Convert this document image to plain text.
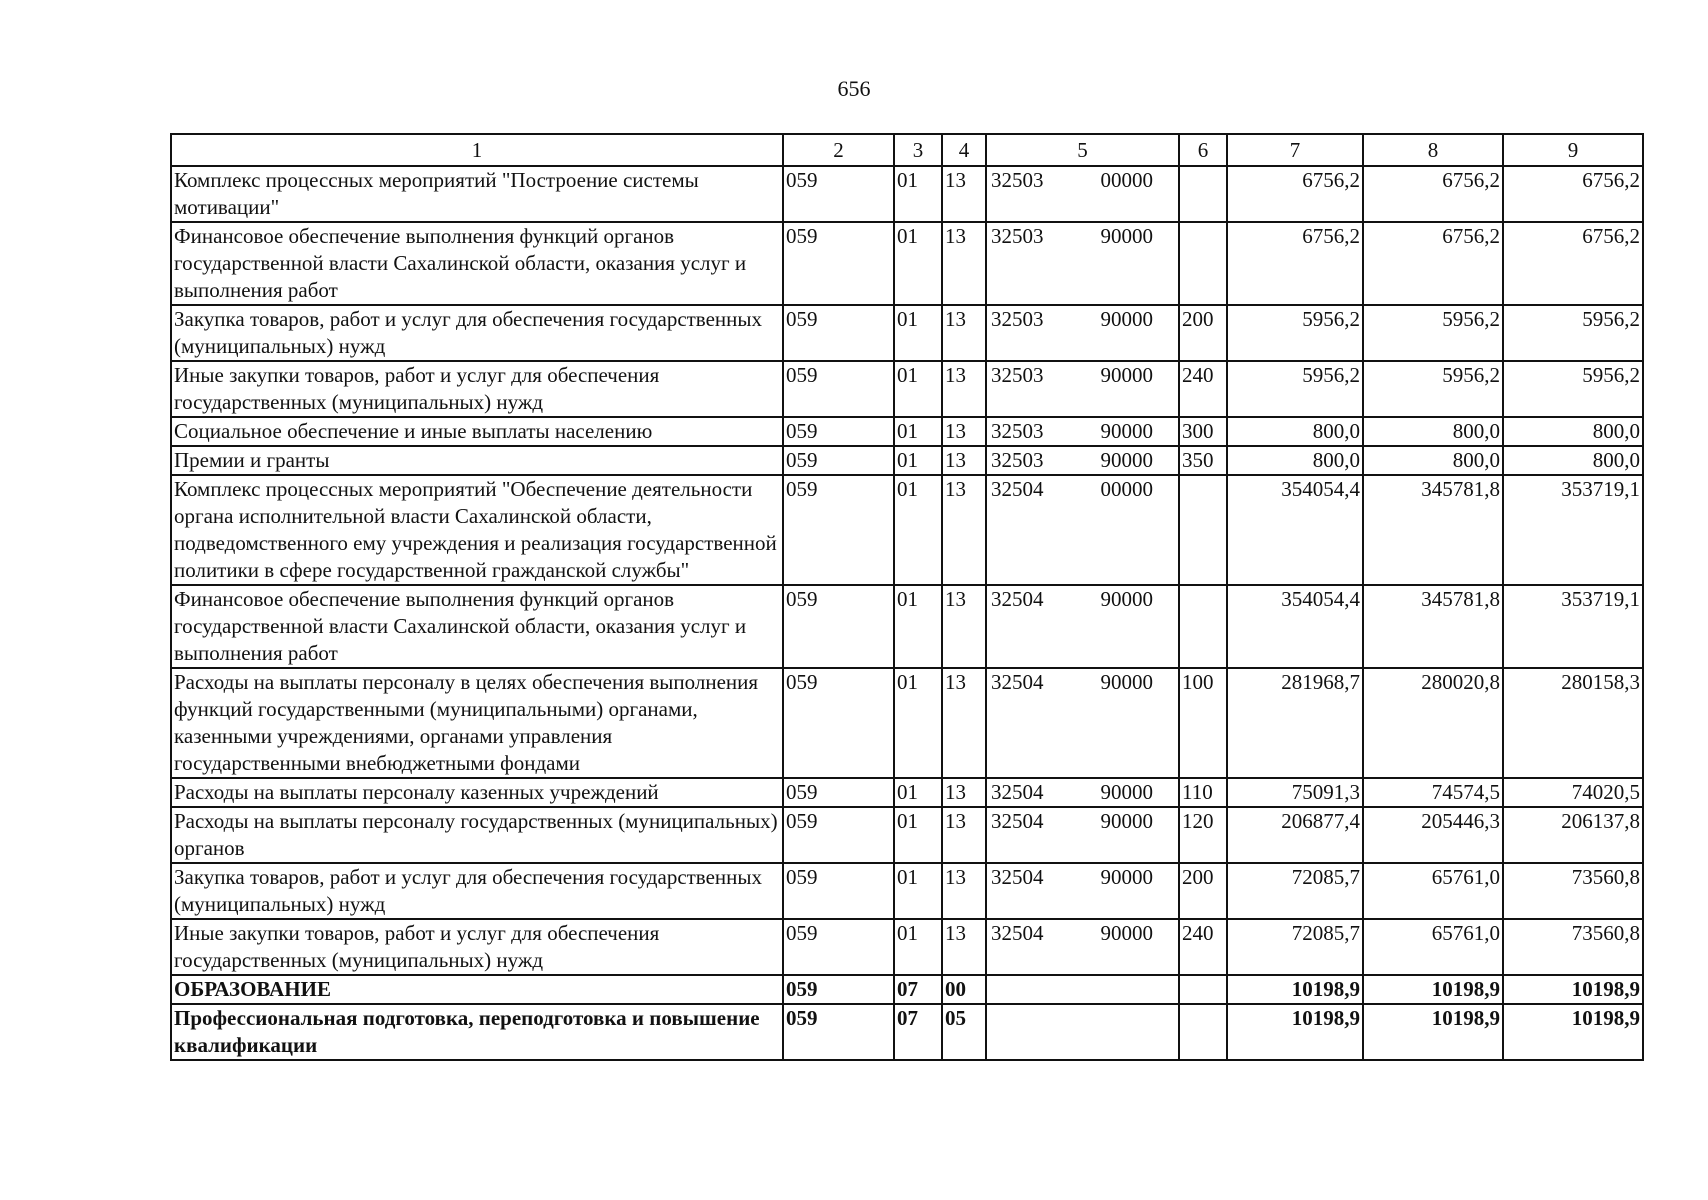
656
1	2	3	4	5	6	7	8	9
Комплекс процессных мероприятий "Построение системы мотивации"	059	01	13	32503 00000		6756,2	6756,2	6756,2
Финансовое обеспечение выполнения функций органов государственной власти Сахалинской области, оказания услуг и выполнения работ	059	01	13	32503 90000		6756,2	6756,2	6756,2
Закупка товаров, работ и услуг для обеспечения государственных (муниципальных) нужд	059	01	13	32503 90000	200	5956,2	5956,2	5956,2
Иные закупки товаров, работ и услуг для обеспечения государственных (муниципальных) нужд	059	01	13	32503 90000	240	5956,2	5956,2	5956,2
Социальное обеспечение и иные выплаты населению	059	01	13	32503 90000	300	800,0	800,0	800,0
Премии и гранты	059	01	13	32503 90000	350	800,0	800,0	800,0
Комплекс процессных мероприятий "Обеспечение деятельности органа исполнительной власти Сахалинской области, подведомственного ему учреждения и реализация государственной политики в сфере государственной гражданской службы"	059	01	13	32504 00000		354054,4	345781,8	353719,1
Финансовое обеспечение выполнения функций органов государственной власти Сахалинской области, оказания услуг и выполнения работ	059	01	13	32504 90000		354054,4	345781,8	353719,1
Расходы на выплаты персоналу в целях обеспечения выполнения функций государственными (муниципальными) органами, казенными учреждениями, органами управления государственными внебюджетными фондами	059	01	13	32504 90000	100	281968,7	280020,8	280158,3
Расходы на выплаты персоналу казенных учреждений	059	01	13	32504 90000	110	75091,3	74574,5	74020,5
Расходы на выплаты персоналу государственных (муниципальных) органов	059	01	13	32504 90000	120	206877,4	205446,3	206137,8
Закупка товаров, работ и услуг для обеспечения государственных (муниципальных) нужд	059	01	13	32504 90000	200	72085,7	65761,0	73560,8
Иные закупки товаров, работ и услуг для обеспечения государственных (муниципальных) нужд	059	01	13	32504 90000	240	72085,7	65761,0	73560,8
ОБРАЗОВАНИЕ	059	07	00			10198,9	10198,9	10198,9
Профессиональная подготовка, переподготовка и повышение квалификации	059	07	05			10198,9	10198,9	10198,9
